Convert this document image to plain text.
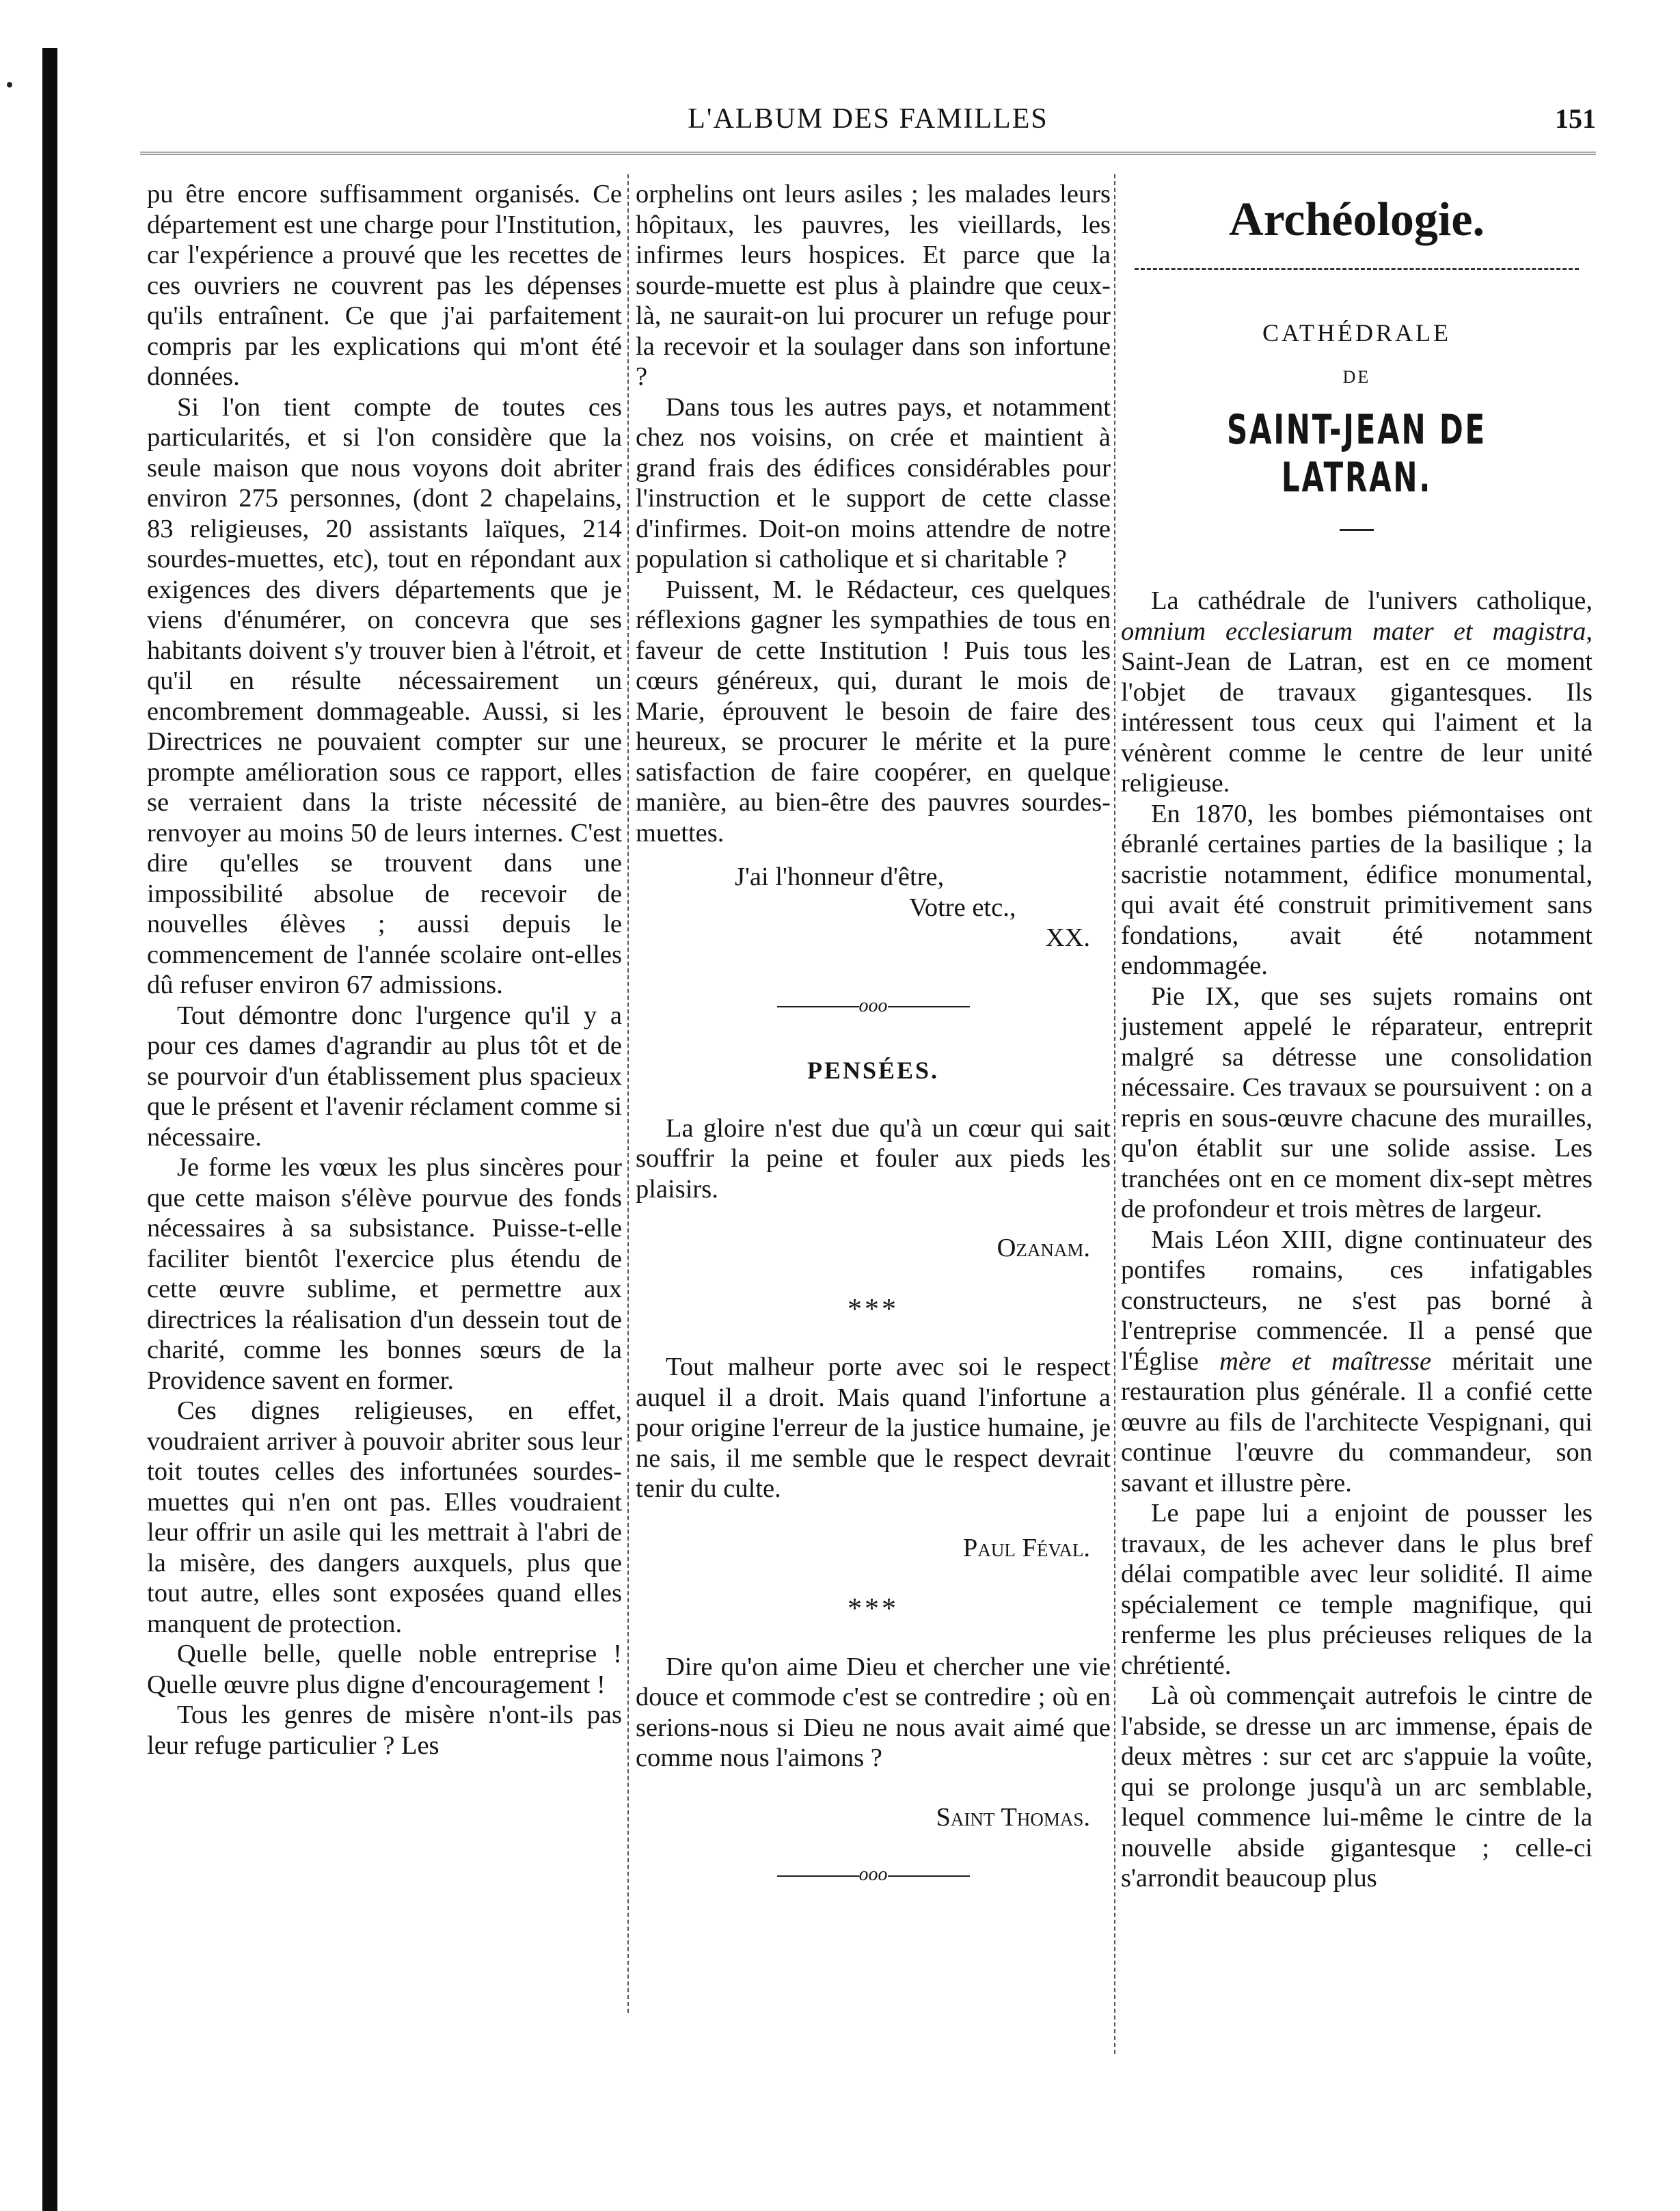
L'ALBUM DES FAMILLES	151

pu être encore suffisamment organisés. Ce département est une charge pour l'Institution, car l'expérience a prouvé que les recettes de ces ouvriers ne couvrent pas les dépenses qu'ils entraînent. Ce que j'ai parfaitement compris par les explications qui m'ont été données.

Si l'on tient compte de toutes ces particularités, et si l'on considère que la seule maison que nous voyons doit abriter environ 275 personnes, (dont 2 chapelains, 83 religieuses, 20 assistants laïques, 214 sourdes-muettes, etc), tout en répondant aux exigences des divers départements que je viens d'énumérer, on concevra que ses habitants doivent s'y trouver bien à l'étroit, et qu'il en résulte nécessairement un encombrement dommageable. Aussi, si les Directrices ne pouvaient compter sur une prompte amélioration sous ce rapport, elles se verraient dans la triste nécessité de renvoyer au moins 50 de leurs internes. C'est dire qu'elles se trouvent dans une impossibilité absolue de recevoir de nouvelles élèves ; aussi depuis le commencement de l'année scolaire ont-elles dû refuser environ 67 admissions.

Tout démontre donc l'urgence qu'il y a pour ces dames d'agrandir au plus tôt et de se pourvoir d'un établissement plus spacieux que le présent et l'avenir réclament comme si nécessaire.

Je forme les vœux les plus sincères pour que cette maison s'élève pourvue des fonds nécessaires à sa subsistance. Puisse-t-elle faciliter bientôt l'exercice plus étendu de cette œuvre sublime, et permettre aux directrices la réalisation d'un dessein tout de charité, comme les bonnes sœurs de la Providence savent en former.

Ces dignes religieuses, en effet, voudraient arriver à pouvoir abriter sous leur toit toutes celles des infortunées sourdes-muettes qui n'en ont pas. Elles voudraient leur offrir un asile qui les mettrait à l'abri de la misère, des dangers auxquels, plus que tout autre, elles sont exposées quand elles manquent de protection.

Quelle belle, quelle noble entreprise ! Quelle œuvre plus digne d'encouragement !

Tous les genres de misère n'ont-ils pas leur refuge particulier ? Les

orphelins ont leurs asiles ; les malades leurs hôpitaux, les pauvres, les vieillards, les infirmes leurs hospices. Et parce que la sourde-muette est plus à plaindre que ceux-là, ne saurait-on lui procurer un refuge pour la recevoir et la soulager dans son infortune ?

Dans tous les autres pays, et notamment chez nos voisins, on crée et maintient à grand frais des édifices considérables pour l'instruction et le support de cette classe d'infirmes. Doit-on moins attendre de notre population si catholique et si charitable ?

Puissent, M. le Rédacteur, ces quelques réflexions gagner les sympathies de tous en faveur de cette Institution ! Puis tous les cœurs généreux, qui, durant le mois de Marie, éprouvent le besoin de faire des heureux, se procurer le mérite et la pure satisfaction de faire coopérer, en quelque manière, au bien-être des pauvres sourdes-muettes.

J'ai l'honneur d'être,

Votre etc.,

XX.

ooo
PENSÉES.

La gloire n'est due qu'à un cœur qui sait souffrir la peine et fouler aux pieds les plaisirs.

Ozanam.
***

Tout malheur porte avec soi le respect auquel il a droit. Mais quand l'infortune a pour origine l'erreur de la justice humaine, je ne sais, il me semble que le respect devrait tenir du culte.

Paul Féval.
***

Dire qu'on aime Dieu et chercher une vie douce et commode c'est se contredire ; où en serions-nous si Dieu ne nous avait aimé que comme nous l'aimons ?

Saint Thomas.
ooo
Archéologie.
CATHÉDRALE
DE
SAINT-JEAN DE LATRAN.

La cathédrale de l'univers catholique, omnium ecclesiarum mater et magistra, Saint-Jean de Latran, est en ce moment l'objet de travaux gigantesques. Ils intéressent tous ceux qui l'aiment et la vénèrent comme le centre de leur unité religieuse.

En 1870, les bombes piémontaises ont ébranlé certaines parties de la basilique ; la sacristie notamment, édifice monumental, qui avait été construit primitivement sans fondations, avait été notamment endommagée.

Pie IX, que ses sujets romains ont justement appelé le réparateur, entreprit malgré sa détresse une consolidation nécessaire. Ces travaux se poursuivent : on a repris en sous-œuvre chacune des murailles, qu'on établit sur une solide assise. Les tranchées ont en ce moment dix-sept mètres de profondeur et trois mètres de largeur.

Mais Léon XIII, digne continuateur des pontifes romains, ces infatigables constructeurs, ne s'est pas borné à l'entreprise commencée. Il a pensé que l'Église mère et maîtresse méritait une restauration plus générale. Il a confié cette œuvre au fils de l'architecte Vespignani, qui continue l'œuvre du commandeur, son savant et illustre père.

Le pape lui a enjoint de pousser les travaux, de les achever dans le plus bref délai compatible avec leur solidité. Il aime spécialement ce temple magnifique, qui renferme les plus précieuses reliques de la chrétienté.

Là où commençait autrefois le cintre de l'abside, se dresse un arc immense, épais de deux mètres : sur cet arc s'appuie la voûte, qui se prolonge jusqu'à un arc semblable, lequel commence lui-même le cintre de la nouvelle abside gigantesque ; celle-ci s'arrondit beaucoup plus
